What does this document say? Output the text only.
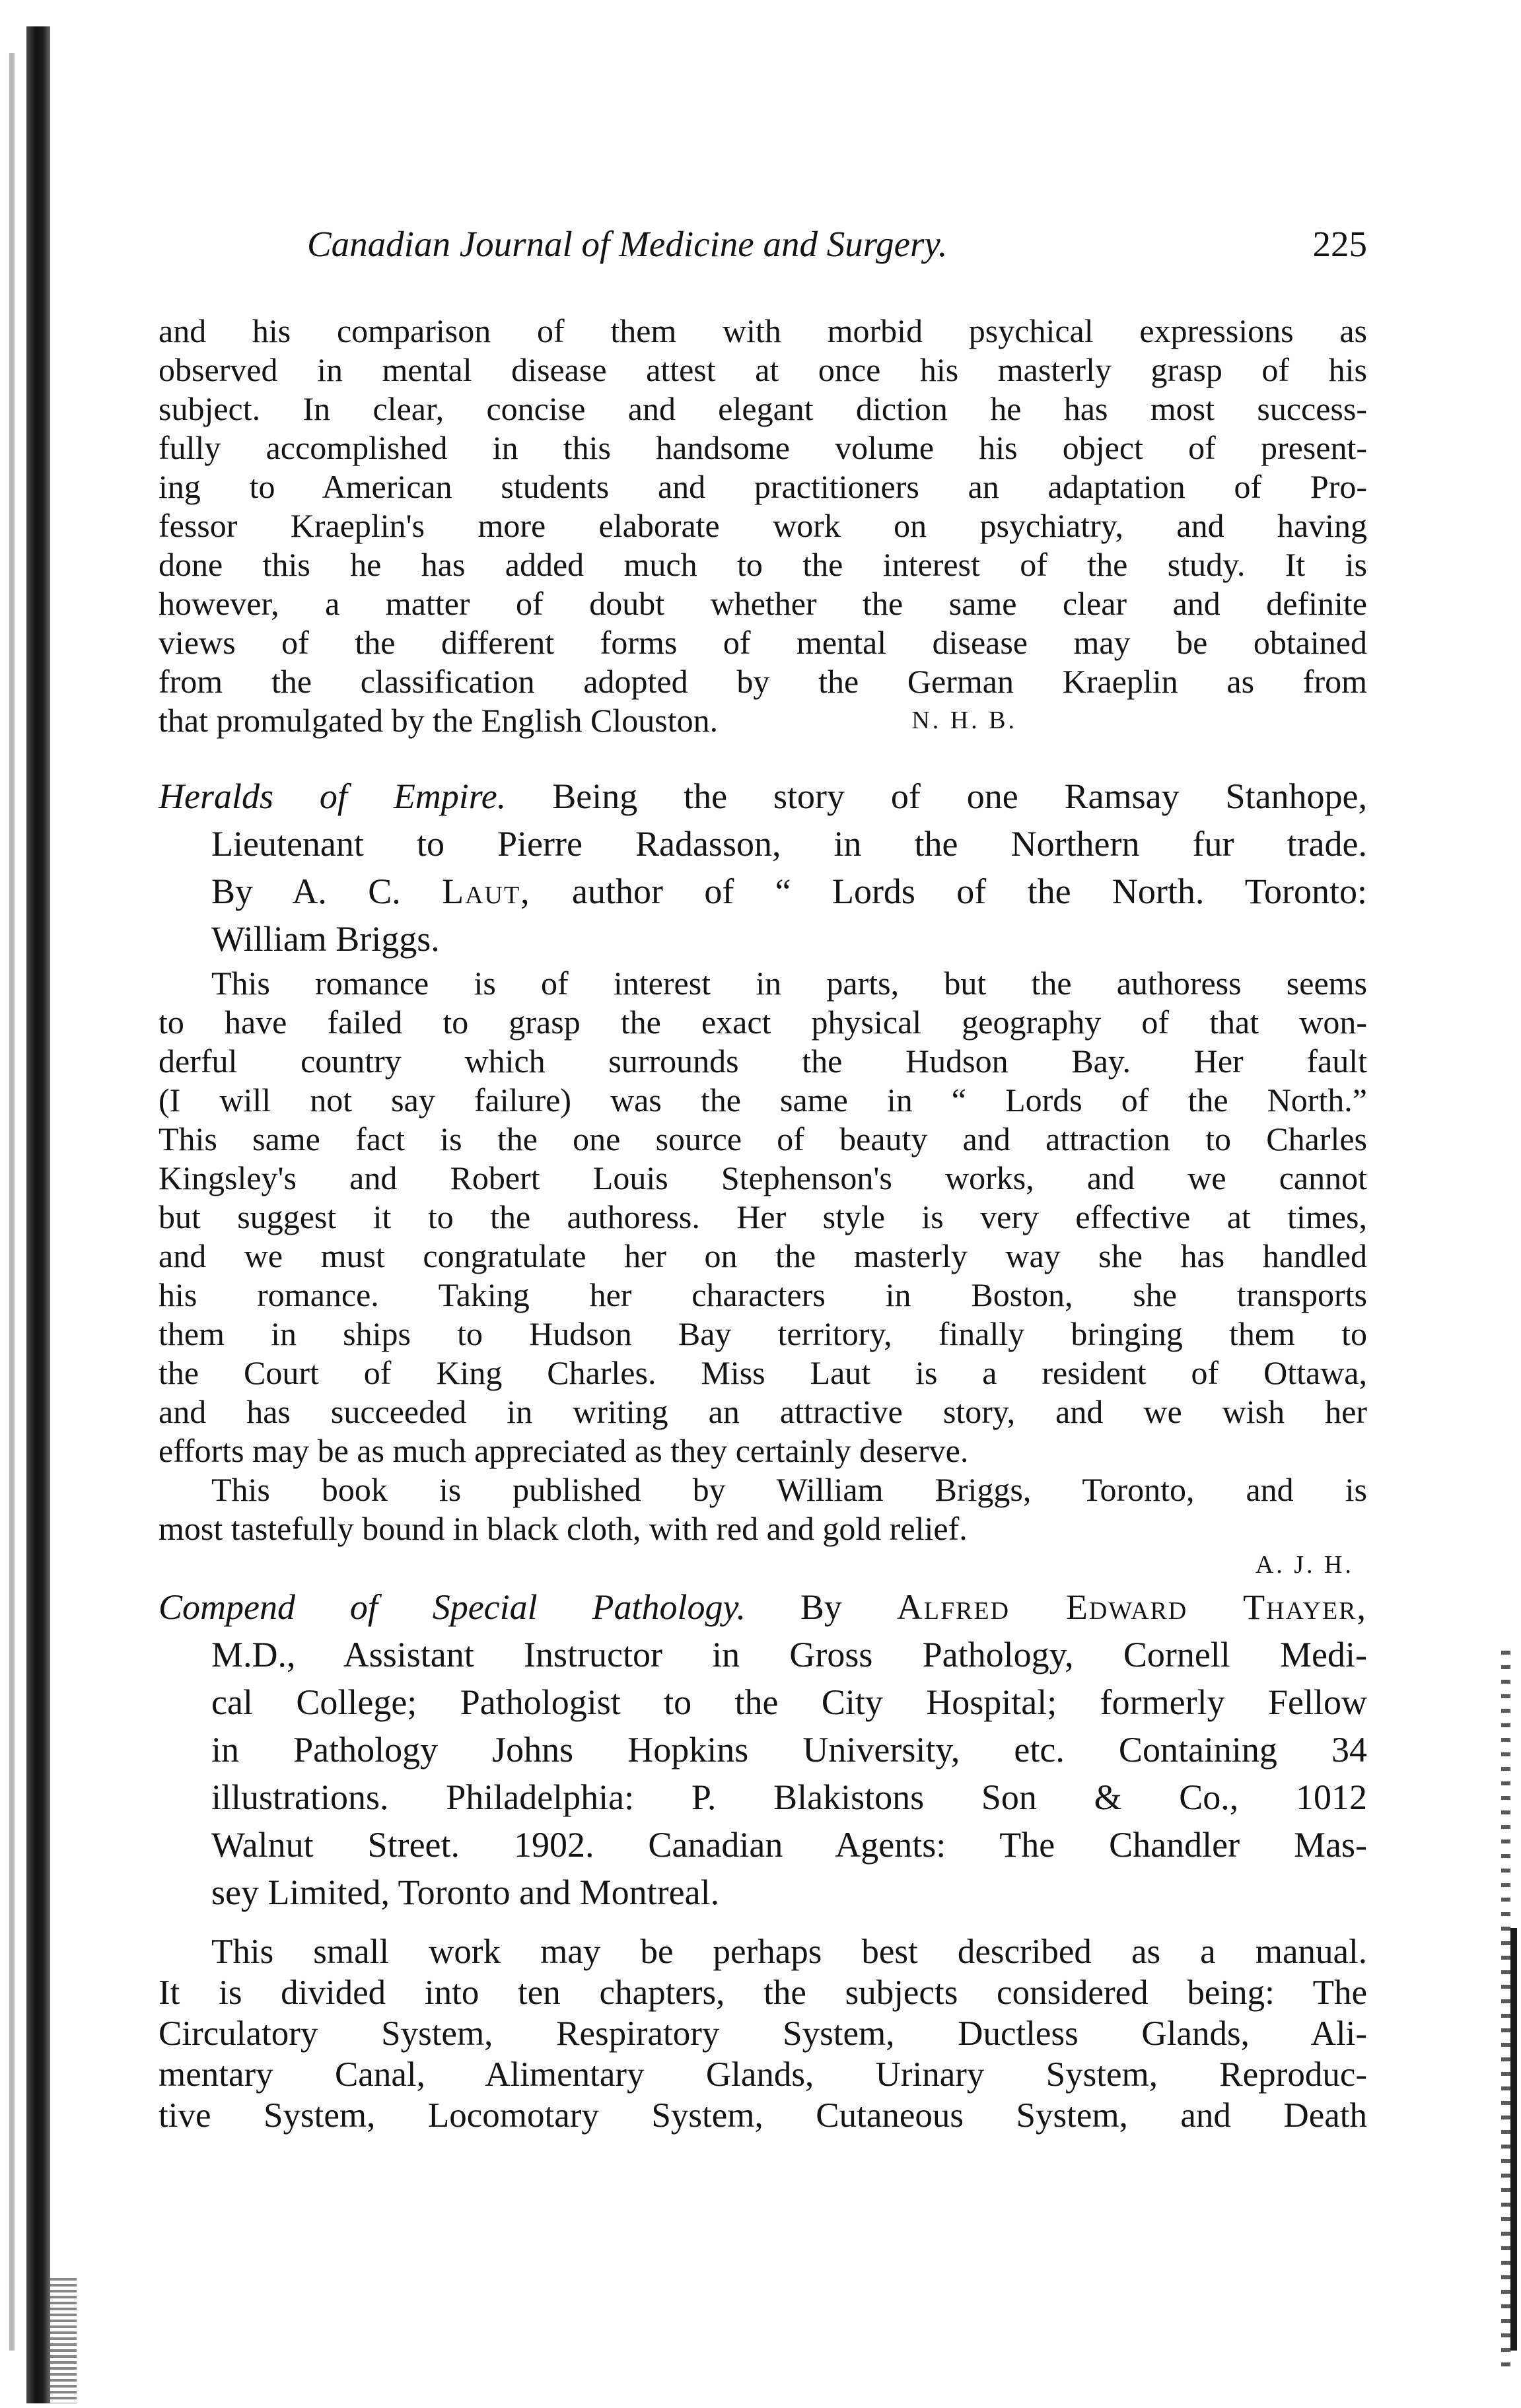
Canadian Journal of Medicine and Surgery.	225
and his comparison of them with morbid psychical expressions as
observed in mental disease attest at once his masterly grasp of his
subject. In clear, concise and elegant diction he has most success-
fully accomplished in this handsome volume his object of present-
ing to American students and practitioners an adaptation of Pro-
fessor Kraeplin's more elaborate work on psychiatry, and having
done this he has added much to the interest of the study. It is
however, a matter of doubt whether the same clear and definite
views of the different forms of mental disease may be obtained
from the classification adopted by the German Kraeplin as from
that promulgated by the English Clouston.	N. H. B.
Heralds of Empire. Being the story of one Ramsay Stanhope,
Lieutenant to Pierre Radasson, in the Northern fur trade.
By A. C. Laut, author of “ Lords of the North. Toronto:
William Briggs.
This romance is of interest in parts, but the authoress seems
to have failed to grasp the exact physical geography of that won-
derful country which surrounds the Hudson Bay. Her fault
(I will not say failure) was the same in “ Lords of the North.”
This same fact is the one source of beauty and attraction to Charles
Kingsley's and Robert Louis Stephenson's works, and we cannot
but suggest it to the authoress. Her style is very effective at times,
and we must congratulate her on the masterly way she has handled
his romance. Taking her characters in Boston, she transports
them in ships to Hudson Bay territory, finally bringing them to
the Court of King Charles. Miss Laut is a resident of Ottawa,
and has succeeded in writing an attractive story, and we wish her
efforts may be as much appreciated as they certainly deserve.
This book is published by William Briggs, Toronto, and is
most tastefully bound in black cloth, with red and gold relief.
A. J. H.
Compend of Special Pathology. By Alfred Edward Thayer,
M.D., Assistant Instructor in Gross Pathology, Cornell Medi-
cal College; Pathologist to the City Hospital; formerly Fellow
in Pathology Johns Hopkins University, etc. Containing 34
illustrations. Philadelphia: P. Blakistons Son & Co., 1012
Walnut Street. 1902. Canadian Agents: The Chandler Mas-
sey Limited, Toronto and Montreal.
This small work may be perhaps best described as a manual.
It is divided into ten chapters, the subjects considered being: The
Circulatory System, Respiratory System, Ductless Glands, Ali-
mentary Canal, Alimentary Glands, Urinary System, Reproduc-
tive System, Locomotary System, Cutaneous System, and Death
